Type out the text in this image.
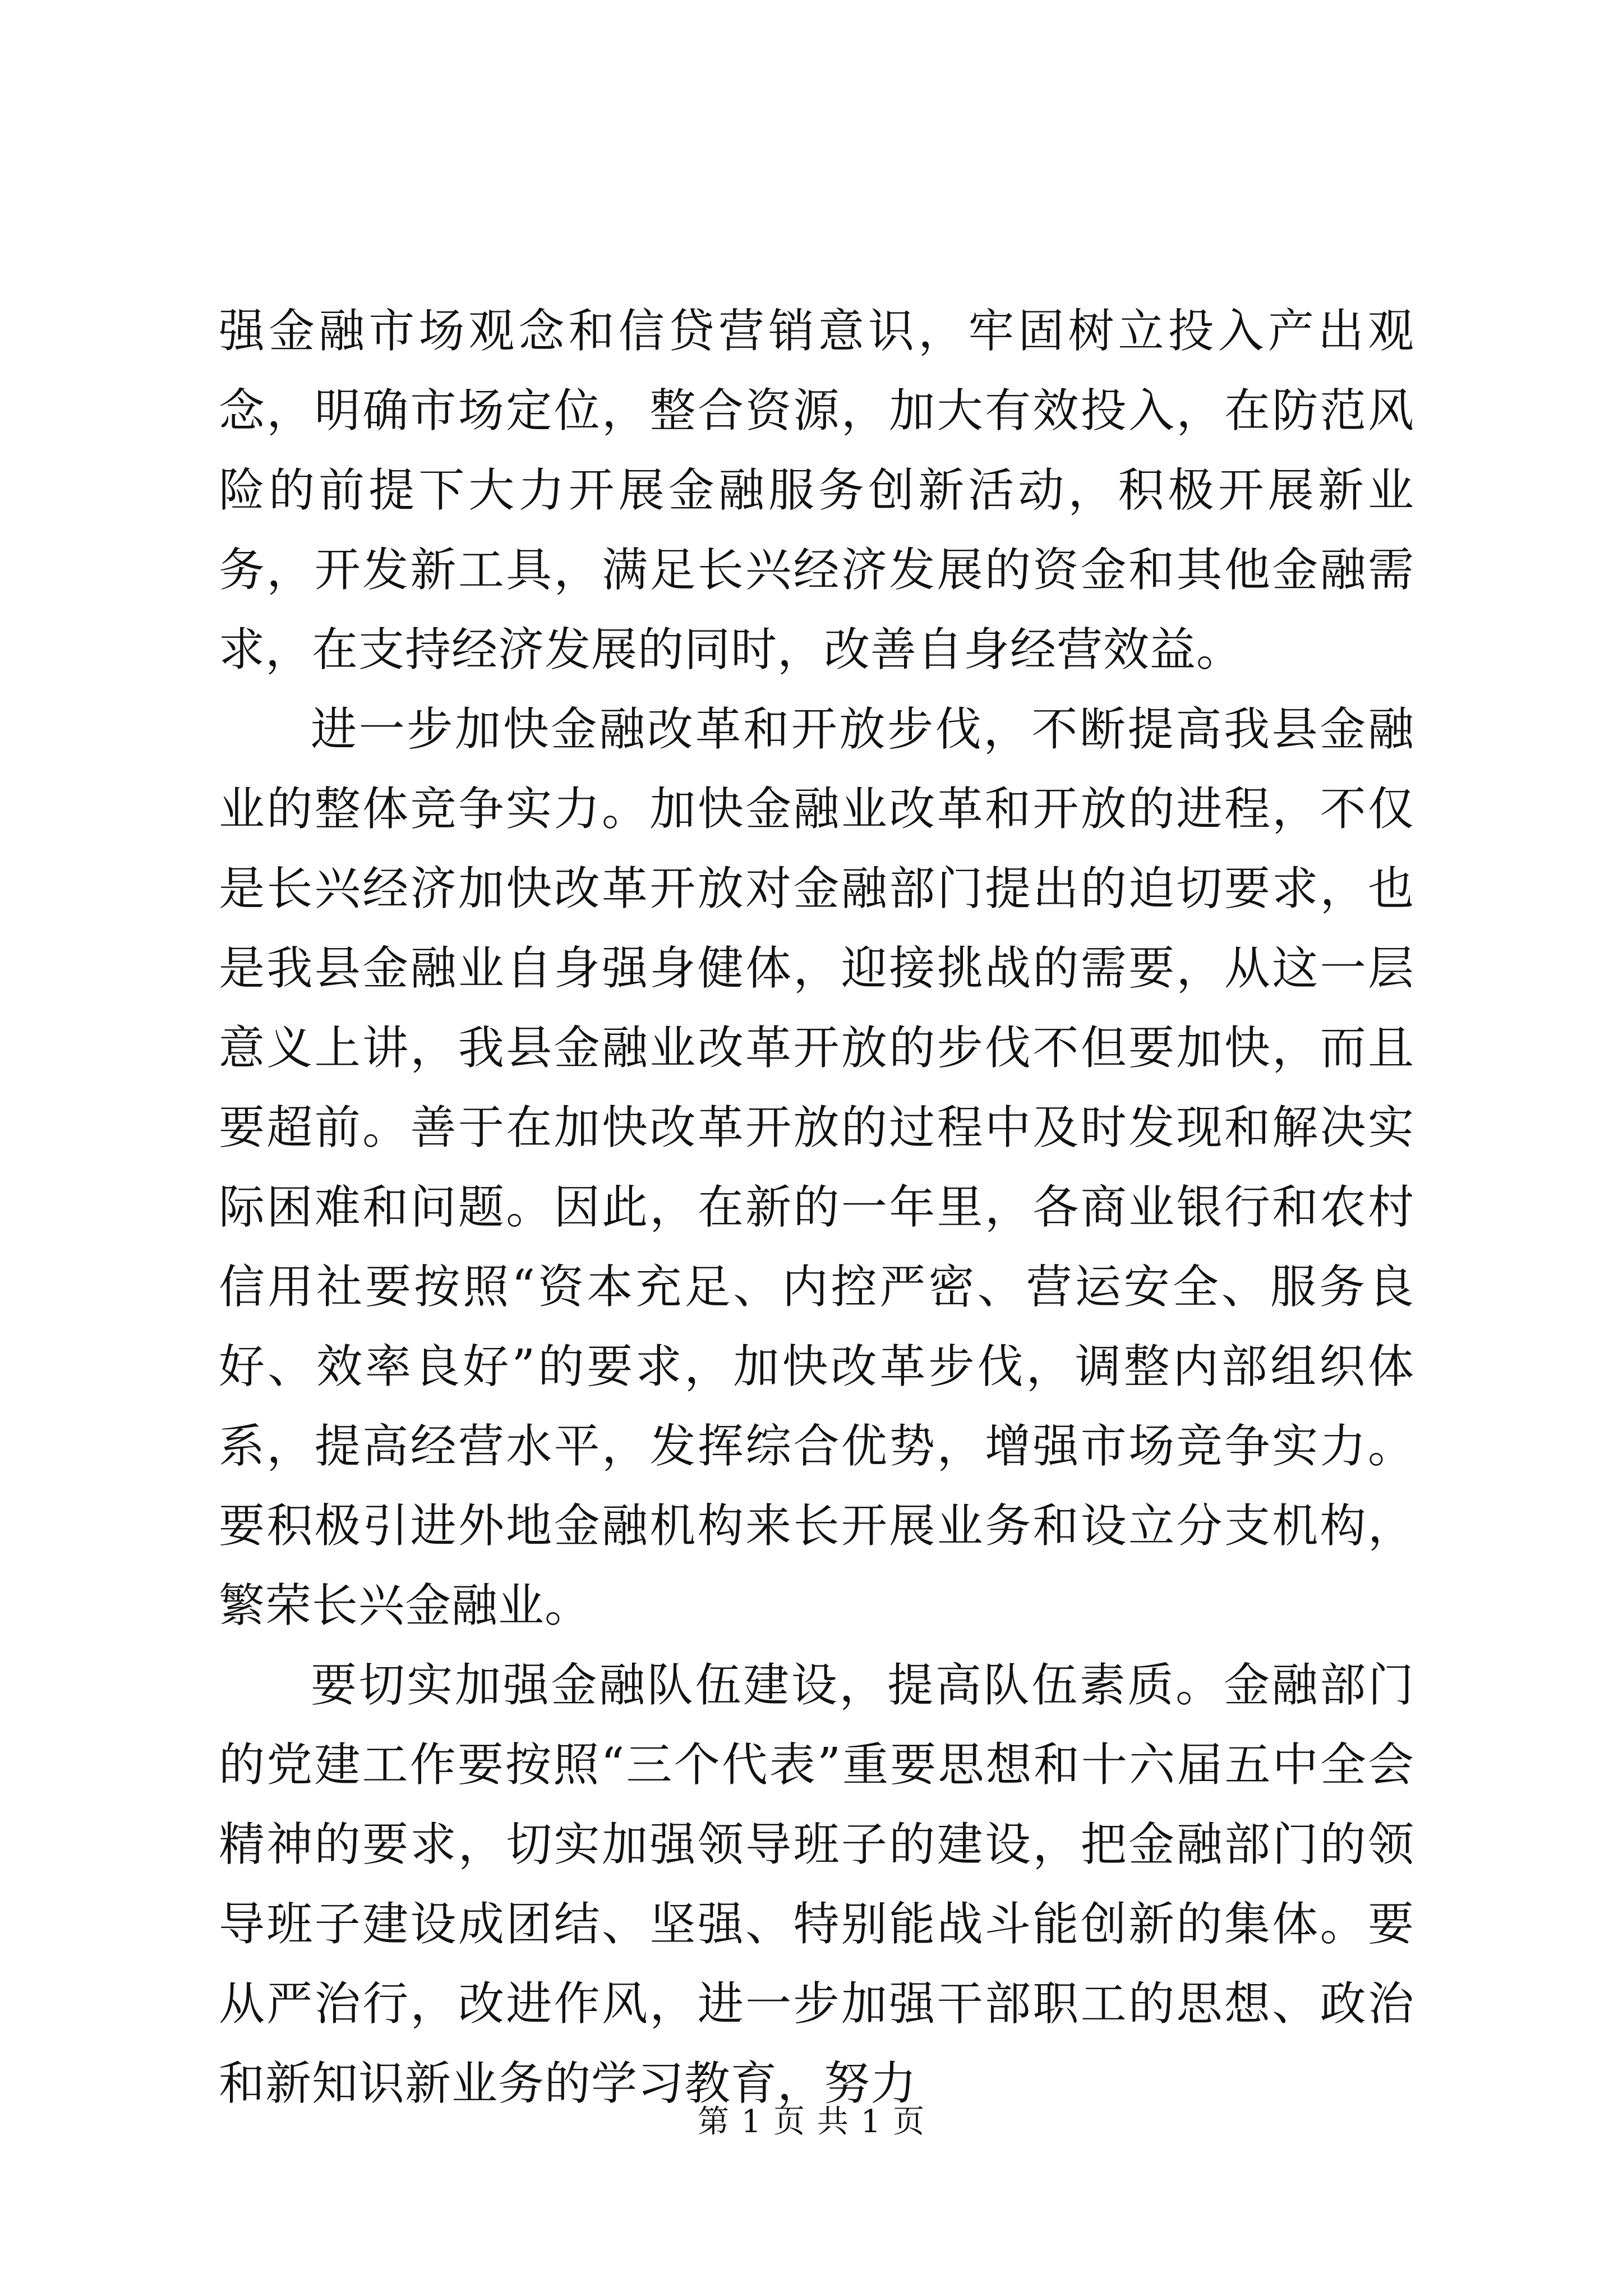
强金融市场观念和信贷营销意识，牢固树立投入产出观念，明确市场定位，整合资源，加大有效投入，在防范风险的前提下大力开展金融服务创新活动，积极开展新业务，开发新工具，满足长兴经济发展的资金和其他金融需求，在支持经济发展的同时，改善自身经营效益。

进一步加快金融改革和开放步伐，不断提高我县金融业的整体竞争实力。加快金融业改革和开放的进程，不仅是长兴经济加快改革开放对金融部门提出的迫切要求，也是我县金融业自身强身健体，迎接挑战的需要，从这一层意义上讲，我县金融业改革开放的步伐不但要加快，而且要超前。善于在加快改革开放的过程中及时发现和解决实际困难和问题。因此，在新的一年里，各商业银行和农村信用社要按照“资本充足、内控严密、营运安全、服务良好、效率良好”的要求，加快改革步伐，调整内部组织体系，提高经营水平，发挥综合优势，增强市场竞争实力。要积极引进外地金融机构来长开展业务和设立分支机构，繁荣长兴金融业。

要切实加强金融队伍建设，提高队伍素质。金融部门的党建工作要按照“三个代表”重要思想和十六届五中全会精神的要求，切实加强领导班子的建设，把金融部门的领导班子建设成团结、坚强、特别能战斗能创新的集体。要从严治行，改进作风，进一步加强干部职工的思想、政治和新知识新业务的学习教育，努力

第 1 页 共 1 页
